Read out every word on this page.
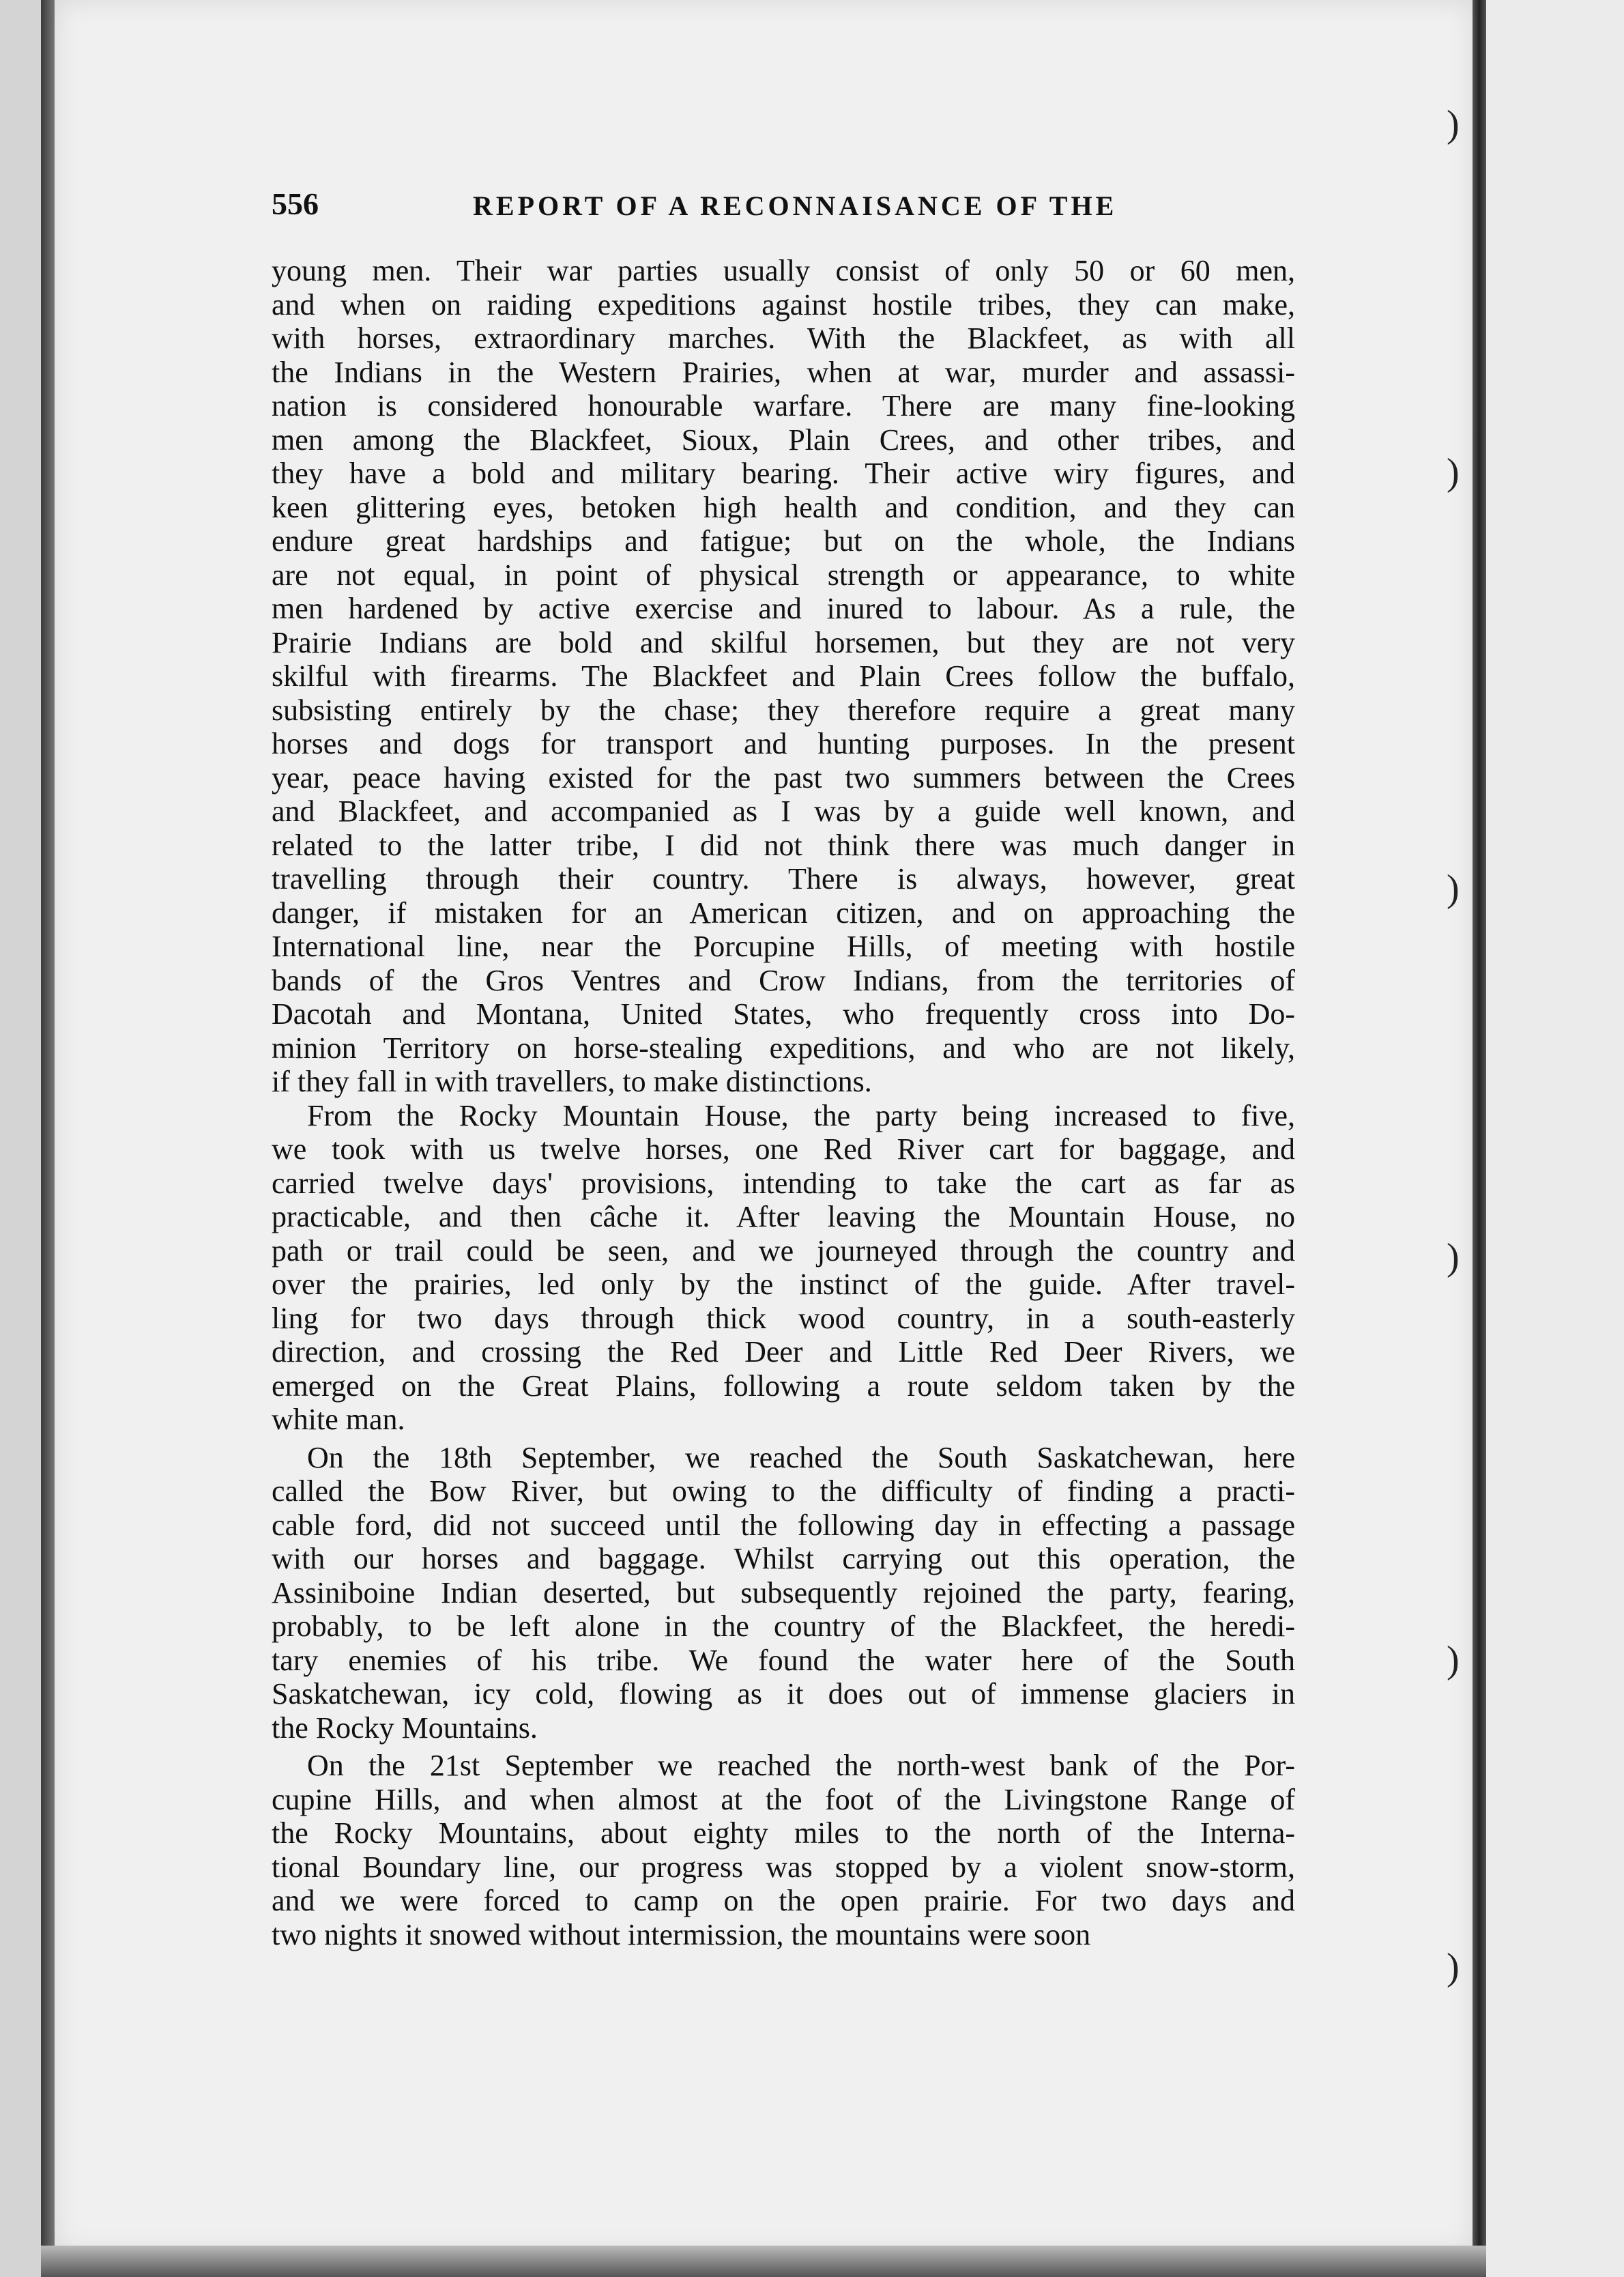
)
)
)
)
)
)
556	REPORT OF A RECONNAISANCE OF THE
young men. Their war parties usually consist of only 50 or 60 men,
and when on raiding expeditions against hostile tribes, they can make,
with horses, extraordinary marches. With the Blackfeet, as with all
the Indians in the Western Prairies, when at war, murder and assassi-
nation is considered honourable warfare. There are many fine-looking
men among the Blackfeet, Sioux, Plain Crees, and other tribes, and
they have a bold and military bearing. Their active wiry figures, and
keen glittering eyes, betoken high health and condition, and they can
endure great hardships and fatigue; but on the whole, the Indians
are not equal, in point of physical strength or appearance, to white
men hardened by active exercise and inured to labour. As a rule, the
Prairie Indians are bold and skilful horsemen, but they are not very
skilful with firearms. The Blackfeet and Plain Crees follow the buffalo,
subsisting entirely by the chase; they therefore require a great many
horses and dogs for transport and hunting purposes. In the present
year, peace having existed for the past two summers between the Crees
and Blackfeet, and accompanied as I was by a guide well known, and
related to the latter tribe, I did not think there was much danger in
travelling through their country. There is always, however, great
danger, if mistaken for an American citizen, and on approaching the
International line, near the Porcupine Hills, of meeting with hostile
bands of the Gros Ventres and Crow Indians, from the territories of
Dacotah and Montana, United States, who frequently cross into Do-
minion Territory on horse-stealing expeditions, and who are not likely,
if they fall in with travellers, to make distinctions.
From the Rocky Mountain House, the party being increased to five,
we took with us twelve horses, one Red River cart for baggage, and
carried twelve days' provisions, intending to take the cart as far as
practicable, and then câche it. After leaving the Mountain House, no
path or trail could be seen, and we journeyed through the country and
over the prairies, led only by the instinct of the guide. After travel-
ling for two days through thick wood country, in a south-easterly
direction, and crossing the Red Deer and Little Red Deer Rivers, we
emerged on the Great Plains, following a route seldom taken by the
white man.
On the 18th September, we reached the South Saskatchewan, here
called the Bow River, but owing to the difficulty of finding a practi-
cable ford, did not succeed until the following day in effecting a passage
with our horses and baggage. Whilst carrying out this operation, the
Assiniboine Indian deserted, but subsequently rejoined the party, fearing,
probably, to be left alone in the country of the Blackfeet, the heredi-
tary enemies of his tribe. We found the water here of the South
Saskatchewan, icy cold, flowing as it does out of immense glaciers in
the Rocky Mountains.
On the 21st September we reached the north-west bank of the Por-
cupine Hills, and when almost at the foot of the Livingstone Range of
the Rocky Mountains, about eighty miles to the north of the Interna-
tional Boundary line, our progress was stopped by a violent snow-storm,
and we were forced to camp on the open prairie. For two days and
two nights it snowed without intermission, the mountains were soon
